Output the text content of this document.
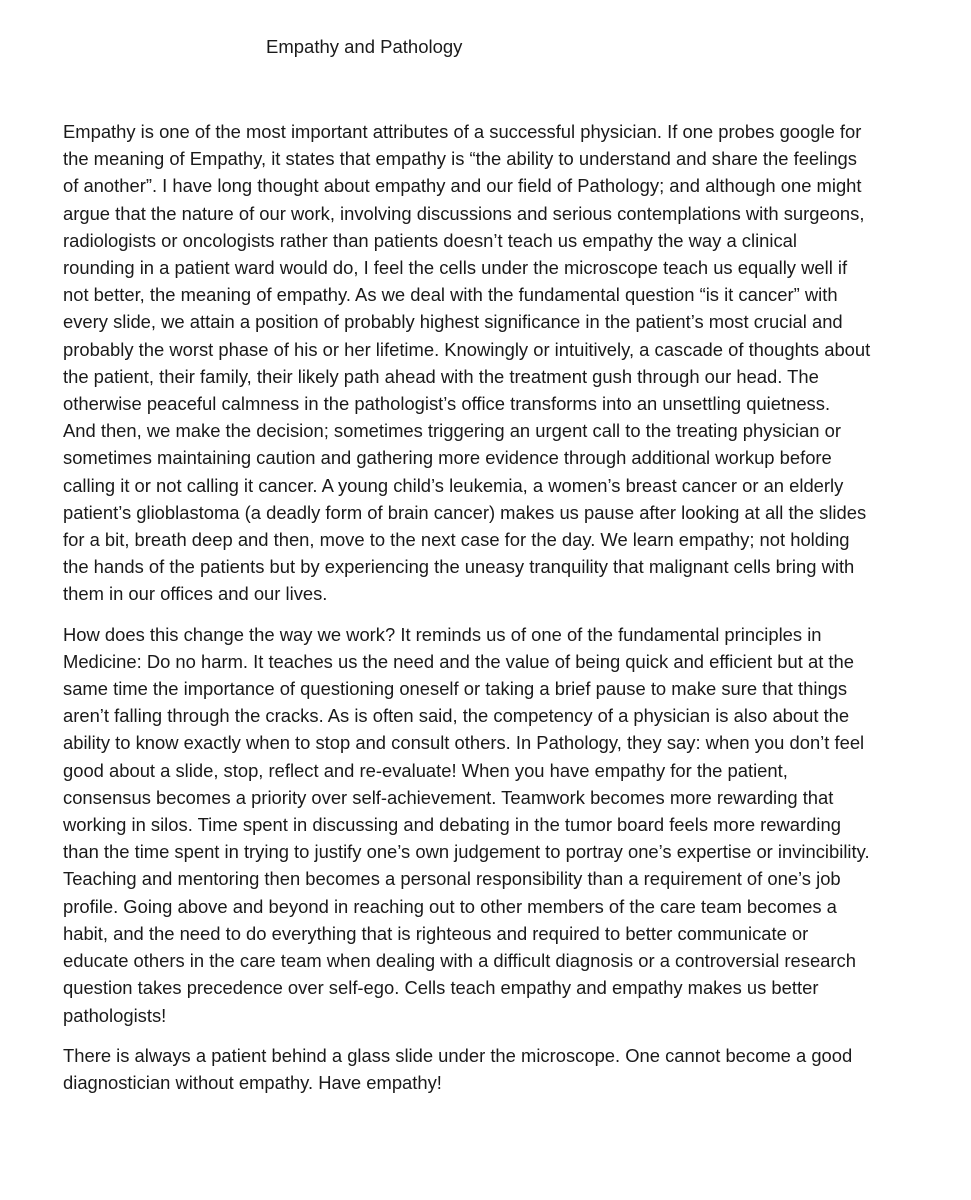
Empathy and Pathology

Empathy is one of the most important attributes of a successful physician. If one probes google for
the meaning of Empathy, it states that empathy is “the ability to understand and share the feelings
of another”. I have long thought about empathy and our field of Pathology; and although one might
argue that the nature of our work, involving discussions and serious contemplations with surgeons,
radiologists or oncologists rather than patients doesn’t teach us empathy the way a clinical
rounding in a patient ward would do, I feel the cells under the microscope teach us equally well if
not better, the meaning of empathy. As we deal with the fundamental question “is it cancer” with
every slide, we attain a position of probably highest significance in the patient’s most crucial and
probably the worst phase of his or her lifetime. Knowingly or intuitively, a cascade of thoughts about
the patient, their family, their likely path ahead with the treatment gush through our head. The
otherwise peaceful calmness in the pathologist’s office transforms into an unsettling quietness.
And then, we make the decision; sometimes triggering an urgent call to the treating physician or
sometimes maintaining caution and gathering more evidence through additional workup before
calling it or not calling it cancer. A young child’s leukemia, a women’s breast cancer or an elderly
patient’s glioblastoma (a deadly form of brain cancer) makes us pause after looking at all the slides
for a bit, breath deep and then, move to the next case for the day. We learn empathy; not holding
the hands of the patients but by experiencing the uneasy tranquility that malignant cells bring with
them in our offices and our lives.

How does this change the way we work? It reminds us of one of the fundamental principles in
Medicine: Do no harm. It teaches us the need and the value of being quick and efficient but at the
same time the importance of questioning oneself or taking a brief pause to make sure that things
aren’t falling through the cracks. As is often said, the competency of a physician is also about the
ability to know exactly when to stop and consult others. In Pathology, they say: when you don’t feel
good about a slide, stop, reflect and re-evaluate! When you have empathy for the patient,
consensus becomes a priority over self-achievement. Teamwork becomes more rewarding that
working in silos. Time spent in discussing and debating in the tumor board feels more rewarding
than the time spent in trying to justify one’s own judgement to portray one’s expertise or invincibility.
Teaching and mentoring then becomes a personal responsibility than a requirement of one’s job
profile. Going above and beyond in reaching out to other members of the care team becomes a
habit, and the need to do everything that is righteous and required to better communicate or
educate others in the care team when dealing with a difficult diagnosis or a controversial research
question takes precedence over self-ego. Cells teach empathy and empathy makes us better
pathologists!

There is always a patient behind a glass slide under the microscope. One cannot become a good
diagnostician without empathy. Have empathy!
